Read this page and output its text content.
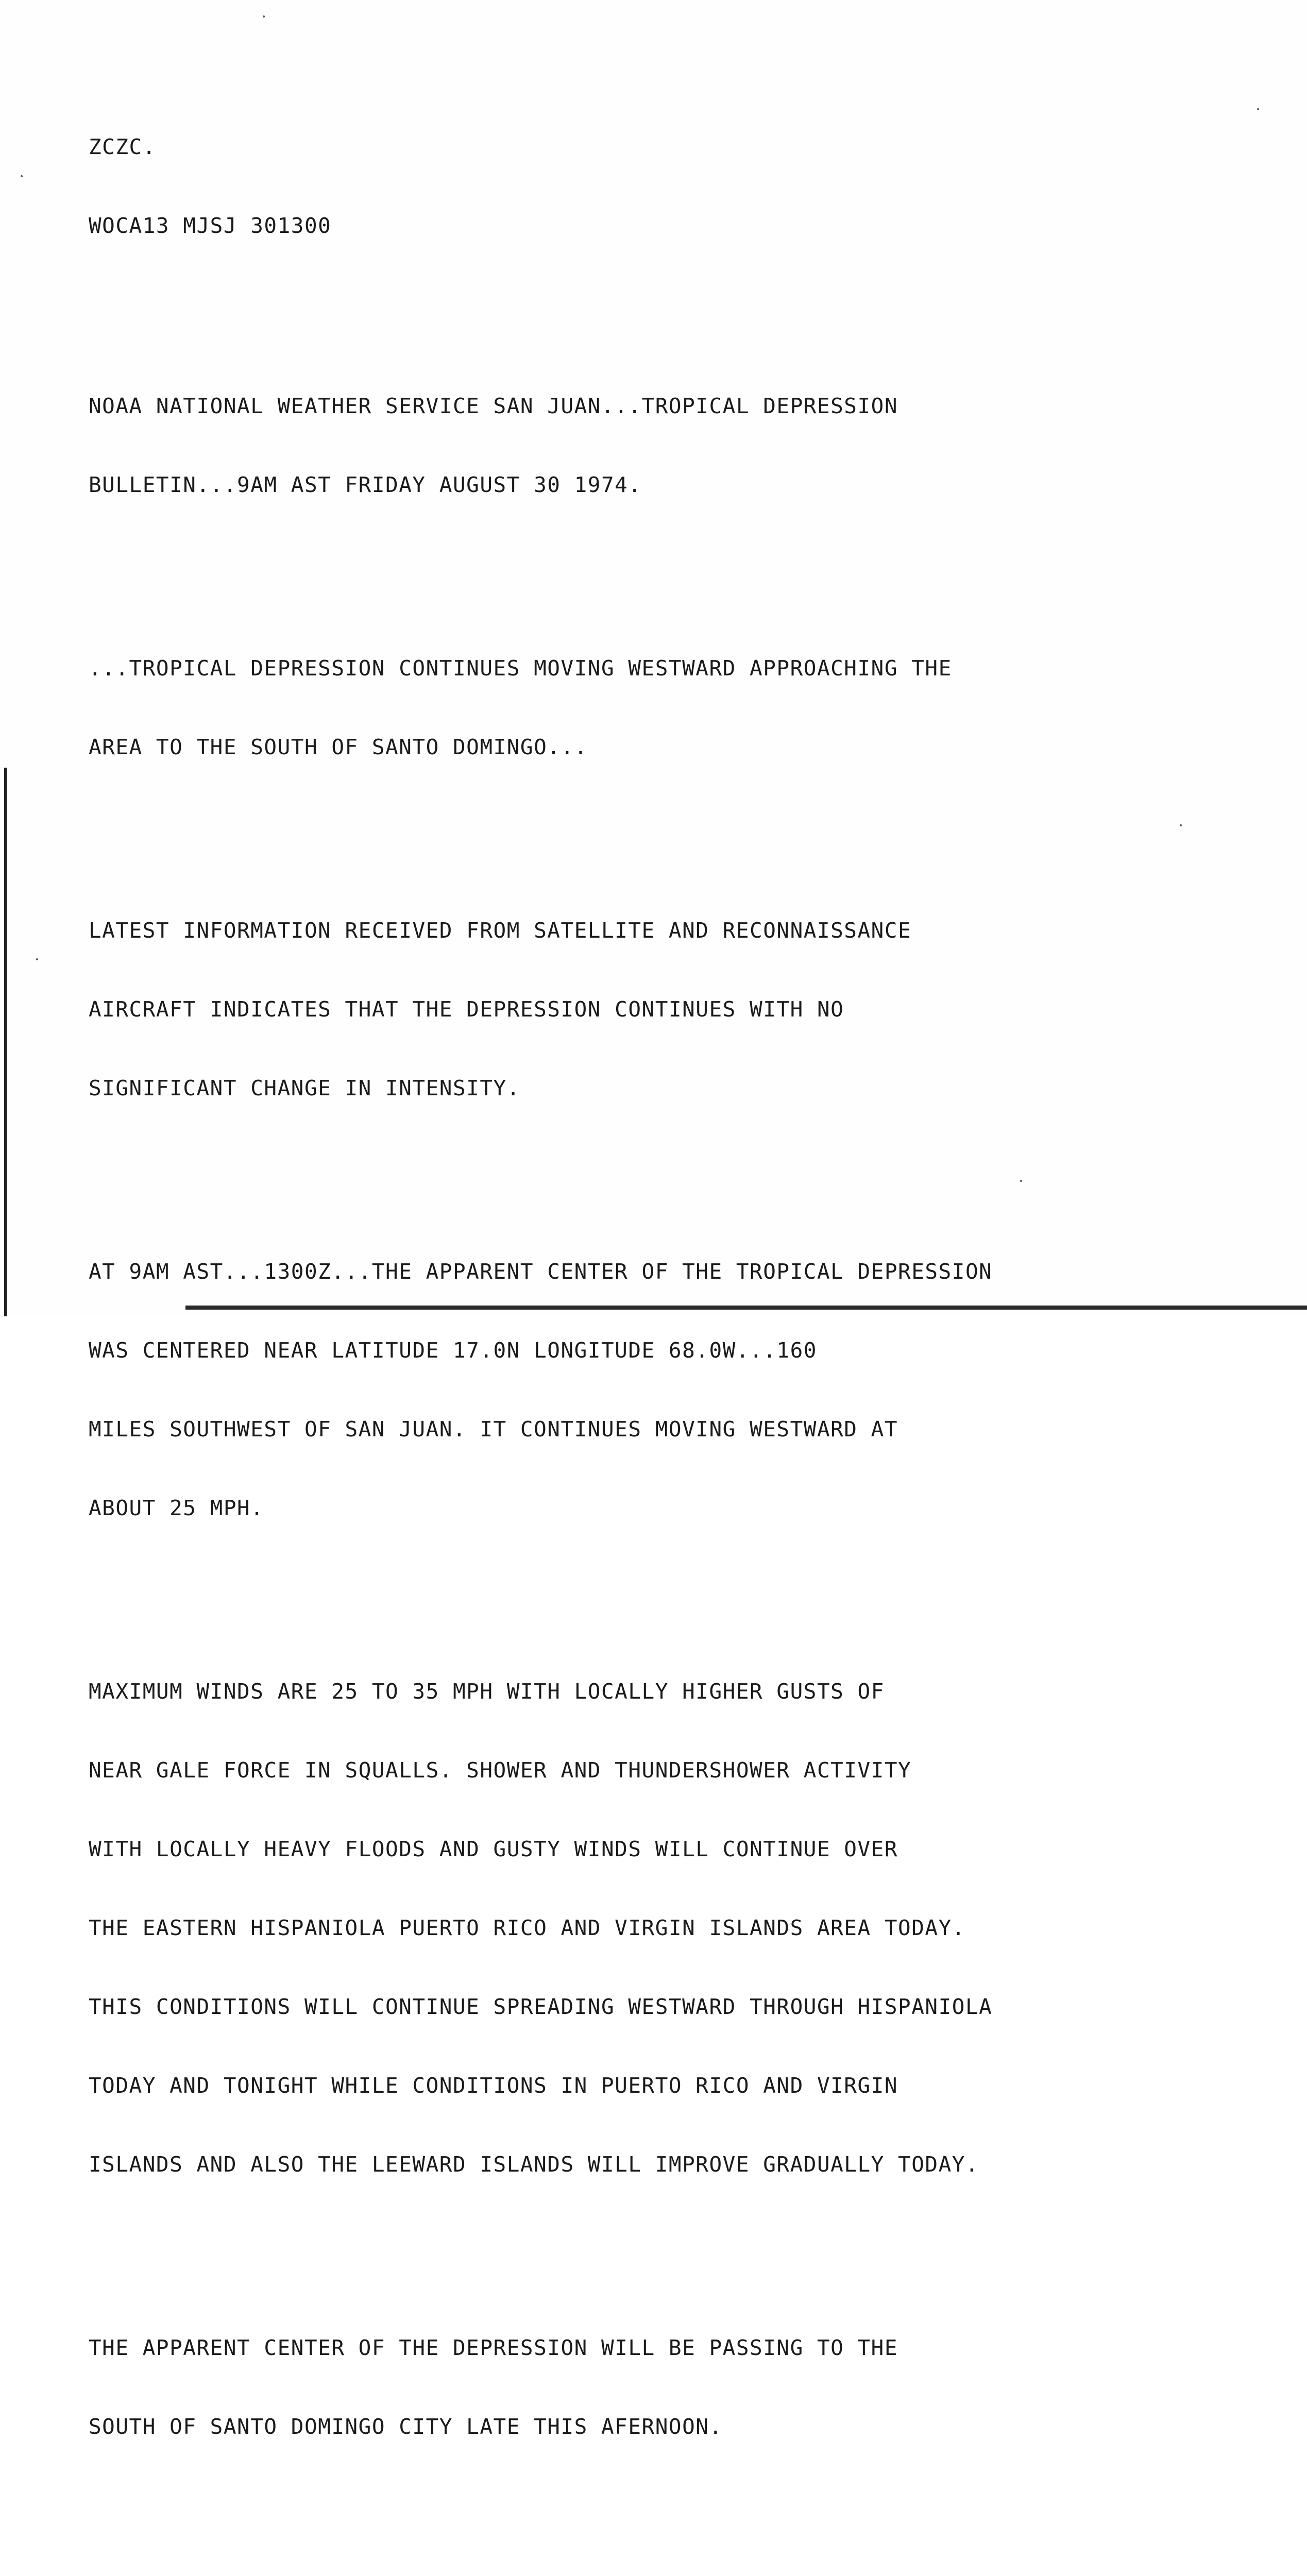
ZCZC.

WOCA13 MJSJ 301300

NOAA NATIONAL WEATHER SERVICE SAN JUAN...TROPICAL DEPRESSION

BULLETIN...9AM AST FRIDAY AUGUST 30 1974.

...TROPICAL DEPRESSION CONTINUES MOVING WESTWARD APPROACHING THE

AREA TO THE SOUTH OF SANTO DOMINGO...

LATEST INFORMATION RECEIVED FROM SATELLITE AND RECONNAISSANCE

AIRCRAFT INDICATES THAT THE DEPRESSION CONTINUES WITH NO

SIGNIFICANT CHANGE IN INTENSITY.

AT 9AM AST...1300Z...THE APPARENT CENTER OF THE TROPICAL DEPRESSION

WAS CENTERED NEAR LATITUDE 17.0N LONGITUDE 68.0W...160

MILES SOUTHWEST OF SAN JUAN. IT CONTINUES MOVING WESTWARD AT

ABOUT 25 MPH.

MAXIMUM WINDS ARE 25 TO 35 MPH WITH LOCALLY HIGHER GUSTS OF

NEAR GALE FORCE IN SQUALLS. SHOWER AND THUNDERSHOWER ACTIVITY

WITH LOCALLY HEAVY FLOODS AND GUSTY WINDS WILL CONTINUE OVER

THE EASTERN HISPANIOLA PUERTO RICO AND VIRGIN ISLANDS AREA TODAY.

THIS CONDITIONS WILL CONTINUE SPREADING WESTWARD THROUGH HISPANIOLA

TODAY AND TONIGHT WHILE CONDITIONS IN PUERTO RICO AND VIRGIN

ISLANDS AND ALSO THE LEEWARD ISLANDS WILL IMPROVE GRADUALLY TODAY.

THE APPARENT CENTER OF THE DEPRESSION WILL BE PASSING TO THE

SOUTH OF SANTO DOMINGO CITY LATE THIS AFERNOON.
